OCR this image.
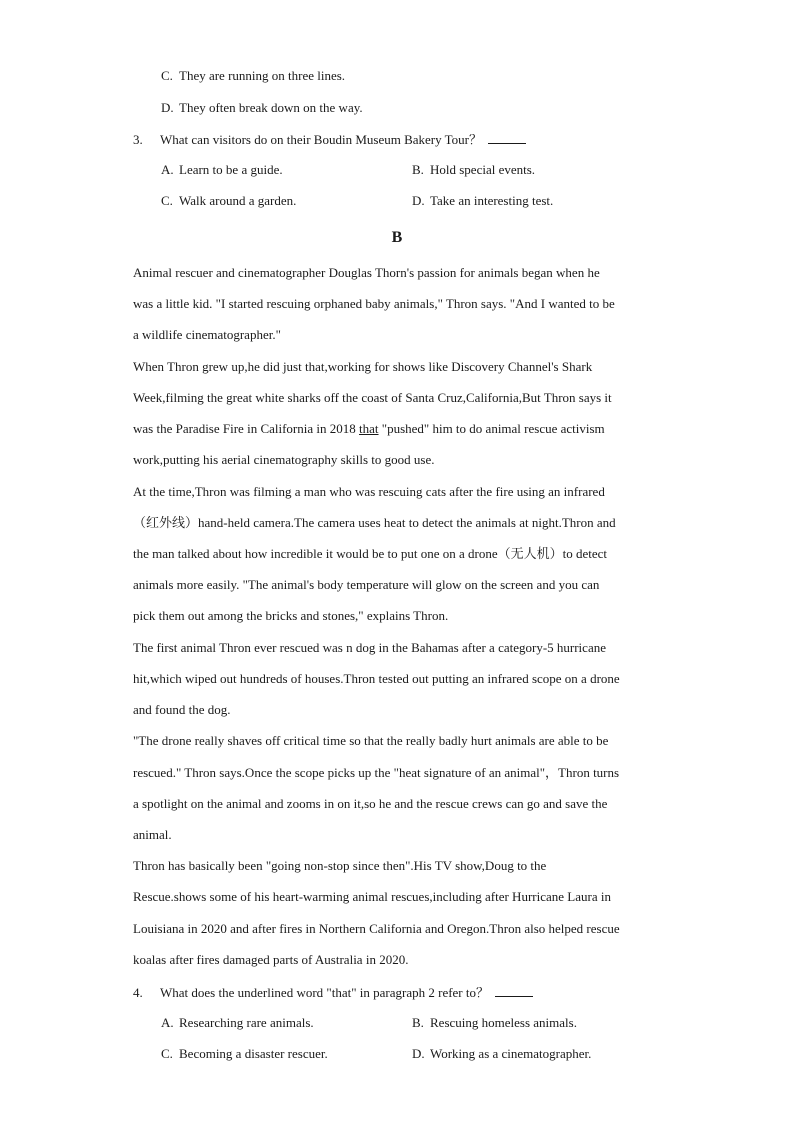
C. They are running on three lines.
D. They often break down on the way.
3. What can visitors do on their Boudin Museum Bakery Tour？
A. Learn to be a guide.	B. Hold special events.
C. Walk around a garden.	D. Take an interesting test.
B
Animal rescuer and cinematographer Douglas Thorn's passion for animals began when he
was a little kid. "I started rescuing orphaned baby animals," Thron says. "And I wanted to be
a wildlife cinematographer."
When Thron grew up,he did just that,working for shows like Discovery Channel's Shark
Week,filming the great white sharks off the coast of Santa Cruz,California,But Thron says it
was the Paradise Fire in California in 2018 that "pushed" him to do animal rescue activism
work,putting his aerial cinematography skills to good use.
At the time,Thron was filming a man who was rescuing cats after the fire using an infrared
（红外线）hand-held camera.The camera uses heat to detect the animals at night.Thron and
the man talked about how incredible it would be to put one on a drone（无人机）to detect
animals more easily. "The animal's body temperature will glow on the screen and you can
pick them out among the bricks and stones," explains Thron.
The first animal Thron ever rescued was n dog in the Bahamas after a category-5 hurricane
hit,which wiped out hundreds of houses.Thron tested out putting an infrared scope on a drone
and found the dog.
"The drone really shaves off critical time so that the really badly hurt animals are able to be
rescued." Thron says.Once the scope picks up the "heat signature of an animal"，Thron turns
a spotlight on the animal and zooms in on it,so he and the rescue crews can go and save the
animal.
Thron has basically been "going non-stop since then".His TV show,Doug to the
Rescue.shows some of his heart-warming animal rescues,including after Hurricane Laura in
Louisiana in 2020 and after fires in Northern California and Oregon.Thron also helped rescue
koalas after fires damaged parts of Australia in 2020.
4. What does the underlined word "that" in paragraph 2 refer to？
A. Researching rare animals.	B. Rescuing homeless animals.
C. Becoming a disaster rescuer.	D. Working as a cinematographer.
